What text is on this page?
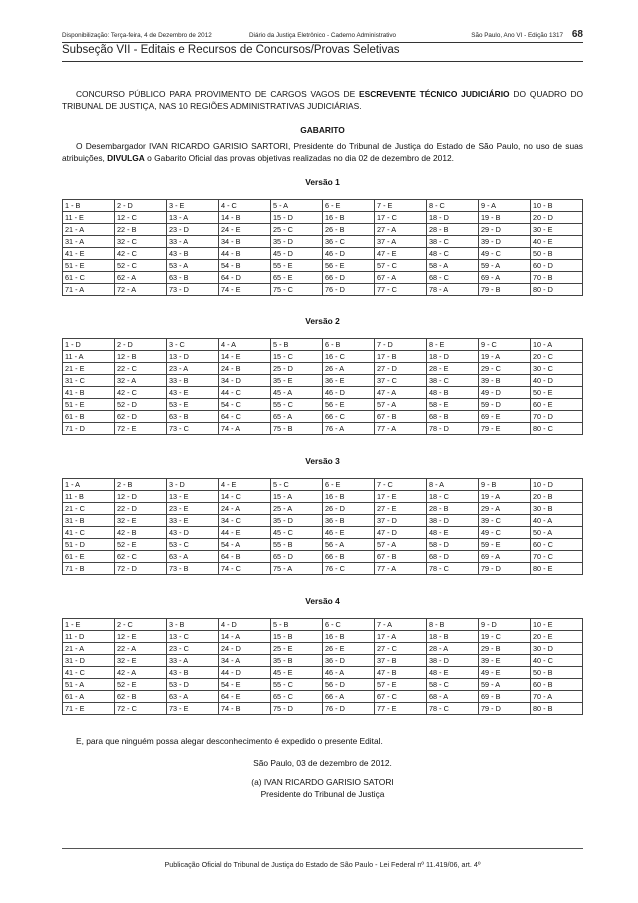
Disponibilização: Terça-feira, 4 de Dezembro de 2012	Diário da Justiça Eletrônico - Caderno Administrativo	São Paulo, Ano VI - Edição 1317 68
Subseção VII - Editais e Recursos de Concursos/Provas Seletivas
CONCURSO PÚBLICO PARA PROVIMENTO DE CARGOS VAGOS DE ESCREVENTE TÉCNICO JUDICIÁRIO DO QUADRO DO TRIBUNAL DE JUSTIÇA, NAS 10 REGIÕES ADMINISTRATIVAS JUDICIÁRIAS.
GABARITO
O Desembargador IVAN RICARDO GARISIO SARTORI, Presidente do Tribunal de Justiça do Estado de São Paulo, no uso de suas atribuições, DIVULGA o Gabarito Oficial das provas objetivas realizadas no dia 02 de dezembro de 2012.
Versão 1
1 - B	2 - D	3 - E	4 - C	5 - A	6 - E	7 - E	8 - C	9 - A	10 - B
11 - E	12 - C	13 - A	14 - B	15 - D	16 - B	17 - C	18 - D	19 - B	20 - D
21 - A	22 - B	23 - D	24 - E	25 - C	26 - B	27 - A	28 - B	29 - D	30 - E
31 - A	32 - C	33 - A	34 - B	35 - D	36 - C	37 - A	38 - C	39 - D	40 - E
41 - E	42 - C	43 - B	44 - B	45 - D	46 - D	47 - E	48 - C	49 - C	50 - B
51 - E	52 - C	53 - A	54 - B	55 - E	56 - E	57 - C	58 - A	59 - A	60 - D
61 - C	62 - A	63 - B	64 - D	65 - E	66 - D	67 - A	68 - C	69 - A	70 - B
71 - A	72 - A	73 - D	74 - E	75 - C	76 - D	77 - C	78 - A	79 - B	80 - D
Versão 2
1 - D	2 - D	3 - C	4 - A	5 - B	6 - B	7 - D	8 - E	9 - C	10 - A
11 - A	12 - B	13 - D	14 - E	15 - C	16 - C	17 - B	18 - D	19 - A	20 - C
21 - E	22 - C	23 - A	24 - B	25 - D	26 - A	27 - D	28 - E	29 - C	30 - C
31 - C	32 - A	33 - B	34 - D	35 - E	36 - E	37 - C	38 - C	39 - B	40 - D
41 - B	42 - C	43 - E	44 - C	45 - A	46 - D	47 - A	48 - B	49 - D	50 - E
51 - E	52 - D	53 - E	54 - C	55 - C	56 - E	57 - A	58 - E	59 - D	60 - E
61 - B	62 - D	63 - B	64 - C	65 - A	66 - C	67 - B	68 - B	69 - E	70 - D
71 - D	72 - E	73 - C	74 - A	75 - B	76 - A	77 - A	78 - D	79 - E	80 - C
Versão 3
1 - A	2 - B	3 - D	4 - E	5 - C	6 - E	7 - C	8 - A	9 - B	10 - D
11 - B	12 - D	13 - E	14 - C	15 - A	16 - B	17 - E	18 - C	19 - A	20 - B
21 - C	22 - D	23 - E	24 - A	25 - A	26 - D	27 - E	28 - B	29 - A	30 - B
31 - B	32 - E	33 - E	34 - C	35 - D	36 - B	37 - D	38 - D	39 - C	40 - A
41 - C	42 - B	43 - D	44 - E	45 - C	46 - E	47 - D	48 - E	49 - C	50 - A
51 - D	52 - E	53 - C	54 - A	55 - B	56 - A	57 - A	58 - D	59 - E	60 - C
61 - E	62 - C	63 - A	64 - B	65 - D	66 - B	67 - B	68 - D	69 - A	70 - C
71 - B	72 - D	73 - B	74 - C	75 - A	76 - C	77 - A	78 - C	79 - D	80 - E
Versão 4
1 - E	2 - C	3 - B	4 - D	5 - B	6 - C	7 - A	8 - B	9 - D	10 - E
11 - D	12 - E	13 - C	14 - A	15 - B	16 - B	17 - A	18 - B	19 - C	20 - E
21 - A	22 - A	23 - C	24 - D	25 - E	26 - E	27 - C	28 - A	29 - B	30 - D
31 - D	32 - E	33 - A	34 - A	35 - B	36 - D	37 - B	38 - D	39 - E	40 - C
41 - C	42 - A	43 - B	44 - D	45 - E	46 - A	47 - B	48 - E	49 - E	50 - B
51 - A	52 - E	53 - D	54 - E	55 - C	56 - D	57 - E	58 - C	59 - A	60 - B
61 - A	62 - B	63 - A	64 - E	65 - C	66 - A	67 - C	68 - A	69 - B	70 - A
71 - E	72 - C	73 - E	74 - B	75 - D	76 - D	77 - E	78 - C	79 - D	80 - B
E, para que ninguém possa alegar desconhecimento é expedido o presente Edital.
São Paulo, 03 de dezembro de 2012.
(a) IVAN RICARDO GARISIO SATORI
Presidente do Tribunal de Justiça
Publicação Oficial do Tribunal de Justiça do Estado de São Paulo - Lei Federal nº 11.419/06, art. 4º
